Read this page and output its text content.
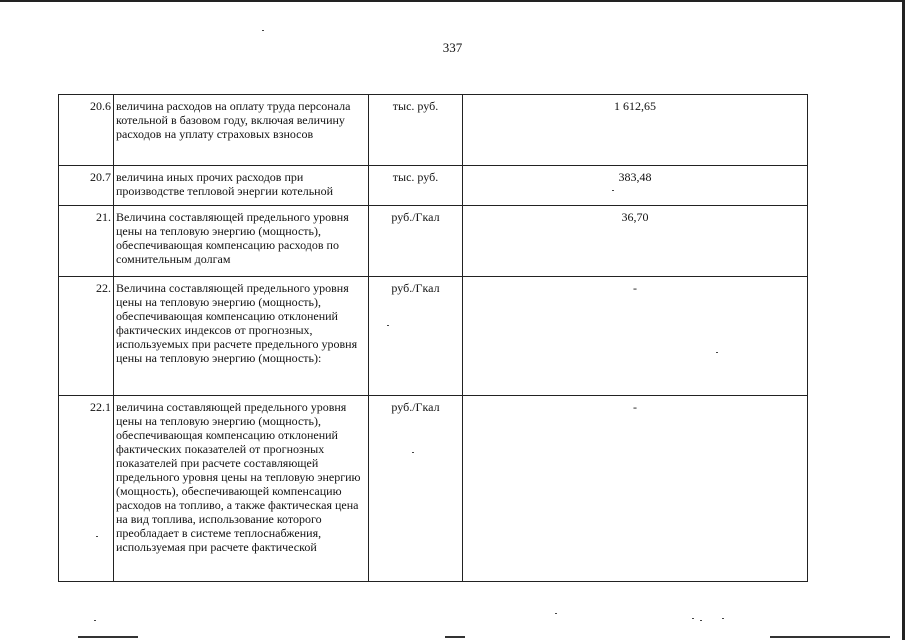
337
20.6	величина расходов на оплату труда персонала котельной в базовом году, включая величину расходов на уплату страховых взносов	тыс. руб.	1 612,65
20.7	величина иных прочих расходов при производстве тепловой энергии котельной	тыс. руб.	383,48
21.	Величина составляющей предельного уровня цены на тепловую энергию (мощность), обеспечивающая компенсацию расходов по сомнительным долгам	руб./Гкал	36,70
22.	Величина составляющей предельного уровня цены на тепловую энергию (мощность), обеспечивающая компенсацию отклонений фактических индексов от прогнозных, используемых при расчете предельного уровня цены на тепловую энергию (мощность):	руб./Гкал	-
22.1	величина составляющей предельного уровня цены на тепловую энергию (мощность), обеспечивающая компенсацию отклонений фактических показателей от прогнозных показателей при расчете составляющей предельного уровня цены на тепловую энергию (мощность), обеспечивающей компенсацию расходов на топливо, а также фактическая цена на вид топлива, использование которого преобладает в системе теплоснабжения, используемая при расчете фактической	руб./Гкал	-
